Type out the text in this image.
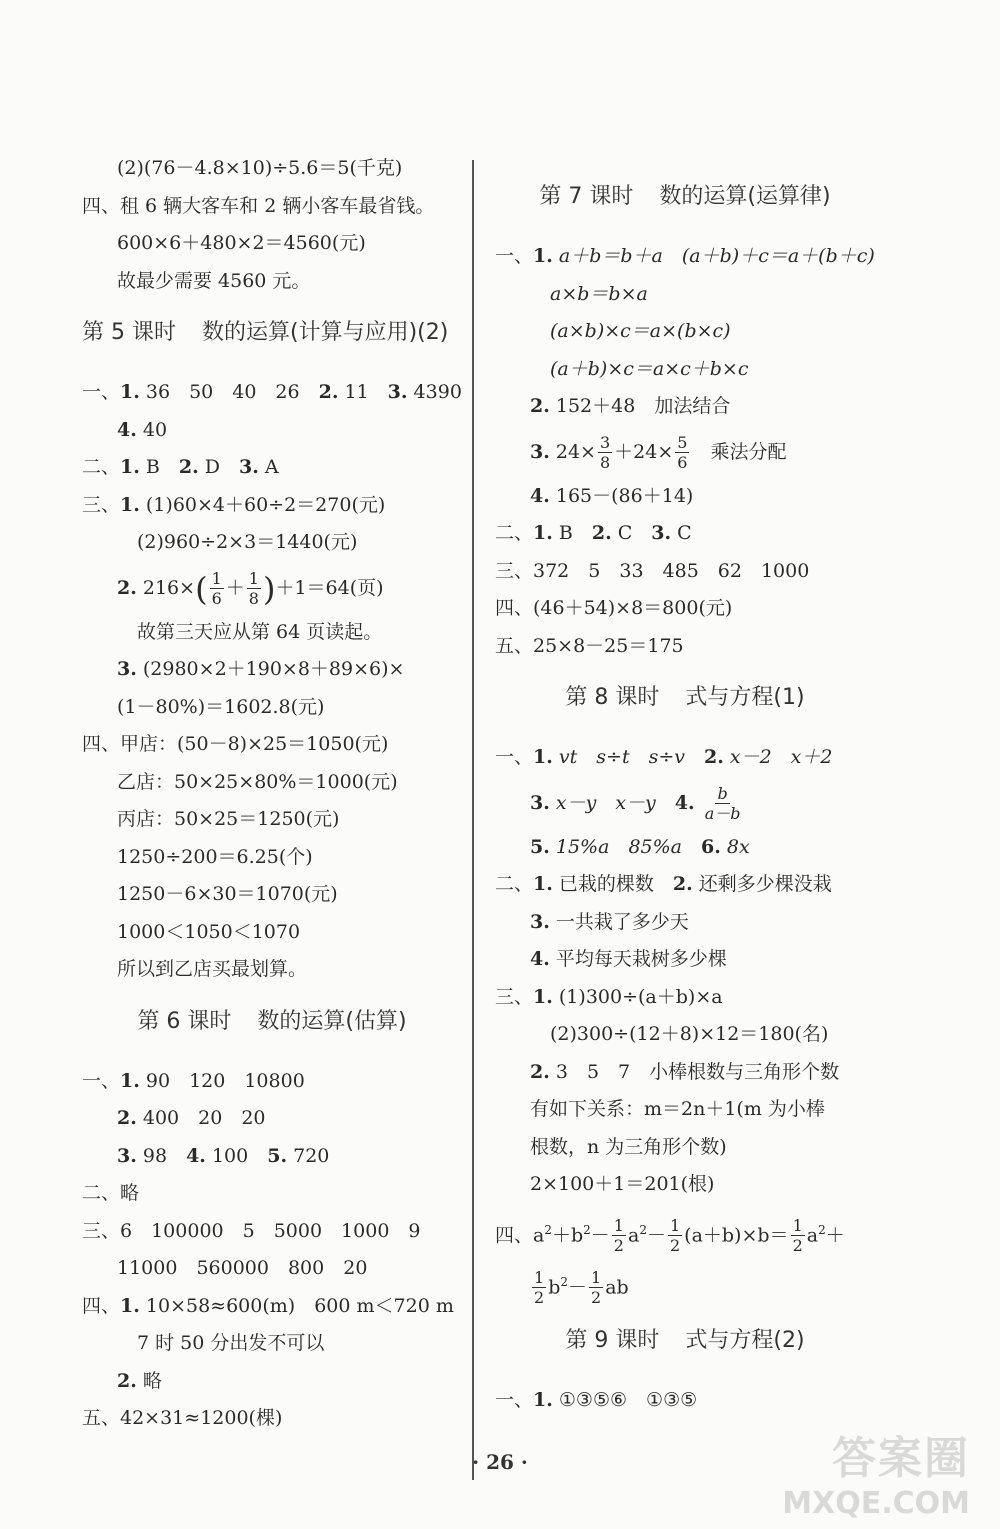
(2)(76－4.8×10)÷5.6＝5(千克)
四、租 6 辆大客车和 2 辆小客车最省钱。
600×6＋480×2＝4560(元)
故最少需要 4560 元。
第 5 课时 数的运算(计算与应用)(2)
一、1. 36　50　40　26　2. 11　3. 4390
4. 40
二、1. B　2. D　3. A
三、1. (1)60×4＋60÷2＝270(元)
(2)960÷2×3＝1440(元)
2. $216\times( \frac{1}{6} + \frac{1}{8} )+1=64$(页)
故第三天应从第 64 页读起。
3. (2980×2＋190×8＋89×6)×
(1－80%)＝1602.8(元)
四、甲店：(50－8)×25＝1050(元)
乙店：50×25×80%＝1000(元)
丙店：50×25＝1250(元)
1250÷200＝6.25(个)
1250－6×30＝1070(元)
1000＜1050＜1070
所以到乙店买最划算。
第 6 课时 数的运算(估算)
一、1. 90　120　10800
2. 400　20　20
3. 98　4. 100　5. 720
二、略
三、6　100000　5　5000　1000　9
11000　560000　800　20
四、1. 10×58≈600(m)　600 m＜720 m
7 时 50 分出发不可以
2. 略
五、42×31≈1200(棵)
第 7 课时 数的运算(运算律)
一、1. a＋b＝b＋a　(a＋b)＋c＝a＋(b＋c)
a×b＝b×a
(a×b)×c＝a×(b×c)
(a＋b)×c＝a×c＋b×c
2. 152＋48　加法结合
3. $24\times \frac{3}{8} +24\times \frac{5}{6}$ 　乘法分配
4. 165－(86＋14)
二、1. B　2. C　3. C
三、372　5　33　485　62　1000
四、(46＋54)×8＝800(元)
五、25×8－25＝175
第 8 课时 式与方程(1)
一、1. vt　s÷t　s÷v　2. x－2　x＋2
3. x－y　x－y　4. $\frac{b}{a-b}$
5. 15%a　85%a　6. 8x
二、1. 已栽的棵数　2. 还剩多少棵没栽
3. 一共栽了多少天
4. 平均每天栽树多少棵
三、1. (1)300÷(a＋b)×a
(2)300÷(12＋8)×12＝180(名)
2. 3　5　7　小棒根数与三角形个数
有如下关系：m＝2n＋1(m 为小棒
根数，n 为三角形个数)
2×100＋1＝201(根)
四、$a^2+b^2- \frac{1}{2} a^2- \frac{1}{2} (a+b)\times b= \frac{1}{2} a^2+$
$\frac{1}{2} b^2- \frac{1}{2}$ ab
第 9 课时 式与方程(2)
一、1. ①③⑤⑥　①③⑤
· 26 ·	答案圈
MXQE.COM
